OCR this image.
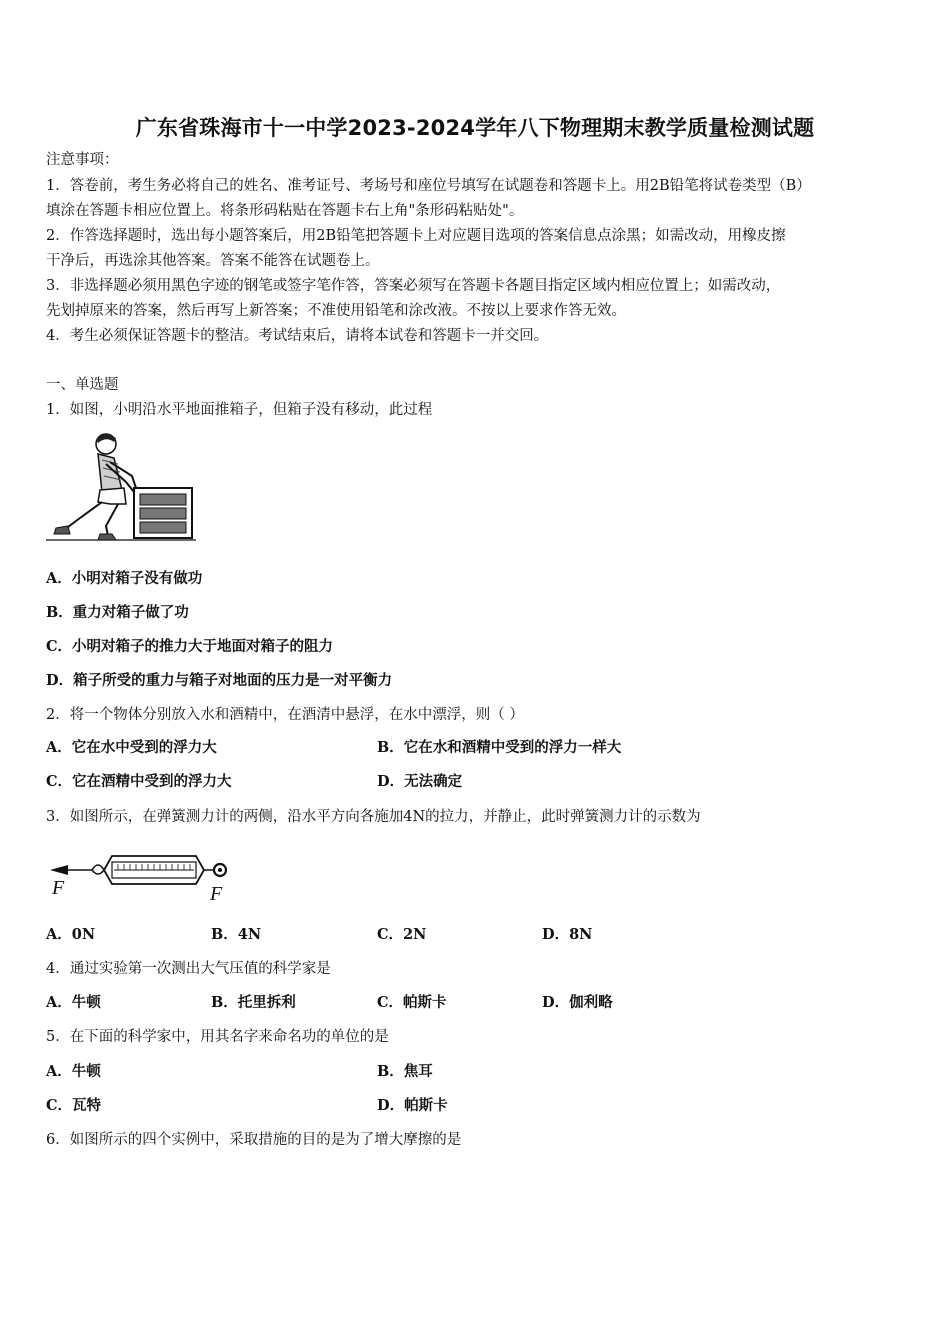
广东省珠海市十一中学2023-2024学年八下物理期末教学质量检测试题
注意事项：
1．答卷前，考生务必将自己的姓名、准考证号、考场号和座位号填写在试题卷和答题卡上。用2B铅笔将试卷类型（B）
填涂在答题卡相应位置上。将条形码粘贴在答题卡右上角"条形码粘贴处"。
2．作答选择题时，选出每小题答案后，用2B铅笔把答题卡上对应题目选项的答案信息点涂黑；如需改动，用橡皮擦
干净后，再选涂其他答案。答案不能答在试题卷上。
3．非选择题必须用黑色字迹的钢笔或签字笔作答，答案必须写在答题卡各题目指定区域内相应位置上；如需改动，
先划掉原来的答案，然后再写上新答案；不准使用铅笔和涂改液。不按以上要求作答无效。
4．考生必须保证答题卡的整洁。考试结束后，请将本试卷和答题卡一并交回。
一、单选题
1．如图，小明沿水平地面推箱子，但箱子没有移动，此过程
A．小明对箱子没有做功
B．重力对箱子做了功
C．小明对箱子的推力大于地面对箱子的阻力
D．箱子所受的重力与箱子对地面的压力是一对平衡力
2．将一个物体分别放入水和酒精中，在酒清中悬浮，在水中漂浮，则（ ）
A．它在水中受到的浮力大	B．它在水和酒精中受到的浮力一样大
C．它在酒精中受到的浮力大	D．无法确定
3．如图所示，在弹簧测力计的两侧，沿水平方向各施加4N的拉力，并静止，此时弹簧测力计的示数为
F	F
A．0N	B．4N	C．2N	D．8N
4．通过实验第一次测出大气压值的科学家是
A．牛顿	B．托里拆利	C．帕斯卡	D．伽利略
5．在下面的科学家中，用其名字来命名功的单位的是
A．牛顿	B．焦耳
C．瓦特	D．帕斯卡
6．如图所示的四个实例中，采取措施的目的是为了增大摩擦的是
